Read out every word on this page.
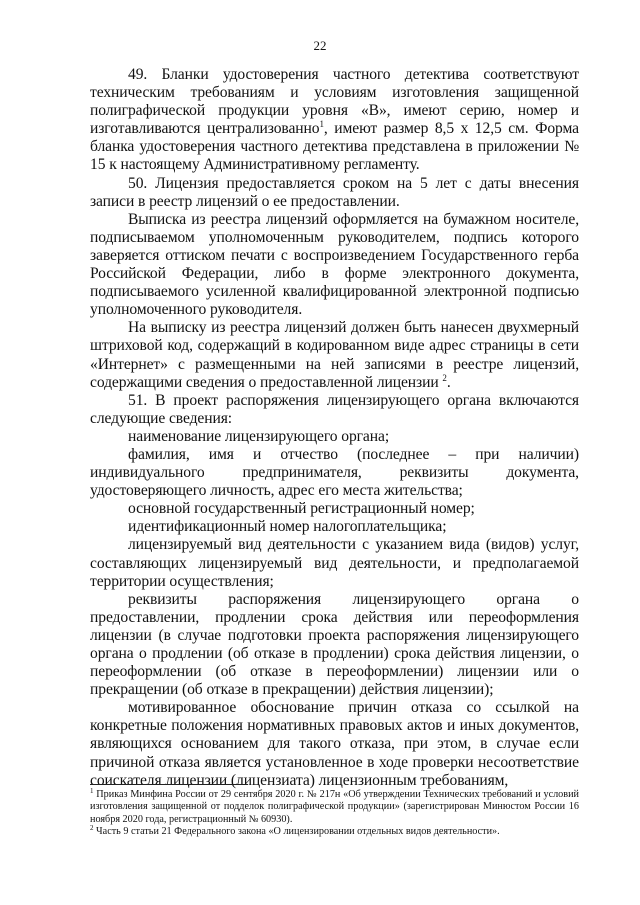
22

49. Бланки удостоверения частного детектива соответствуют техническим требованиям и условиям изготовления защищенной полиграфической продукции уровня «В», имеют серию, номер и изготавливаются централизованно$^1$, имеют размер 8,5 х 12,5 см. Форма бланка удостоверения частного детектива представлена в приложении № 15 к настоящему Административному регламенту.

50. Лицензия предоставляется сроком на 5 лет с даты внесения записи в реестр лицензий о ее предоставлении.

Выписка из реестра лицензий оформляется на бумажном носителе, подписываемом уполномоченным руководителем, подпись которого заверяется оттиском печати с воспроизведением Государственного герба Российской Федерации, либо в форме электронного документа, подписываемого усиленной квалифицированной электронной подписью уполномоченного руководителя.

На выписку из реестра лицензий должен быть нанесен двухмерный штриховой код, содержащий в кодированном виде адрес страницы в сети «Интернет» с размещенными на ней записями в реестре лицензий, содержащими сведения о предоставленной лицензии $^2$.

51. В проект распоряжения лицензирующего органа включаются следующие сведения:

наименование лицензирующего органа;

фамилия, имя и отчество (последнее – при наличии) индивидуального предпринимателя, реквизиты документа, удостоверяющего личность, адрес его места жительства;

основной государственный регистрационный номер;

идентификационный номер налогоплательщика;

лицензируемый вид деятельности с указанием вида (видов) услуг, составляющих лицензируемый вид деятельности, и предполагаемой территории осуществления;

реквизиты распоряжения лицензирующего органа о предоставлении, продлении срока действия или переоформления лицензии (в случае подготовки проекта распоряжения лицензирующего органа о продлении (об отказе в продлении) срока действия лицензии, о переоформлении (об отказе в переоформлении) лицензии или о прекращении (об отказе в прекращении) действия лицензии);

мотивированное обоснование причин отказа со ссылкой на конкретные положения нормативных правовых актов и иных документов, являющихся основанием для такого отказа, при этом, в случае если причиной отказа является установленное в ходе проверки несоответствие соискателя лицензии (лицензиата) лицензионным требованиям,

$^1$ Приказ Минфина России от 29 сентября 2020 г. № 217н «Об утверждении Технических требований и условий изготовления защищенной от подделок полиграфической продукции» (зарегистрирован Минюстом России 16 ноября 2020 года, регистрационный № 60930).

$^2$ Часть 9 статьи 21 Федерального закона «О лицензировании отдельных видов деятельности».
